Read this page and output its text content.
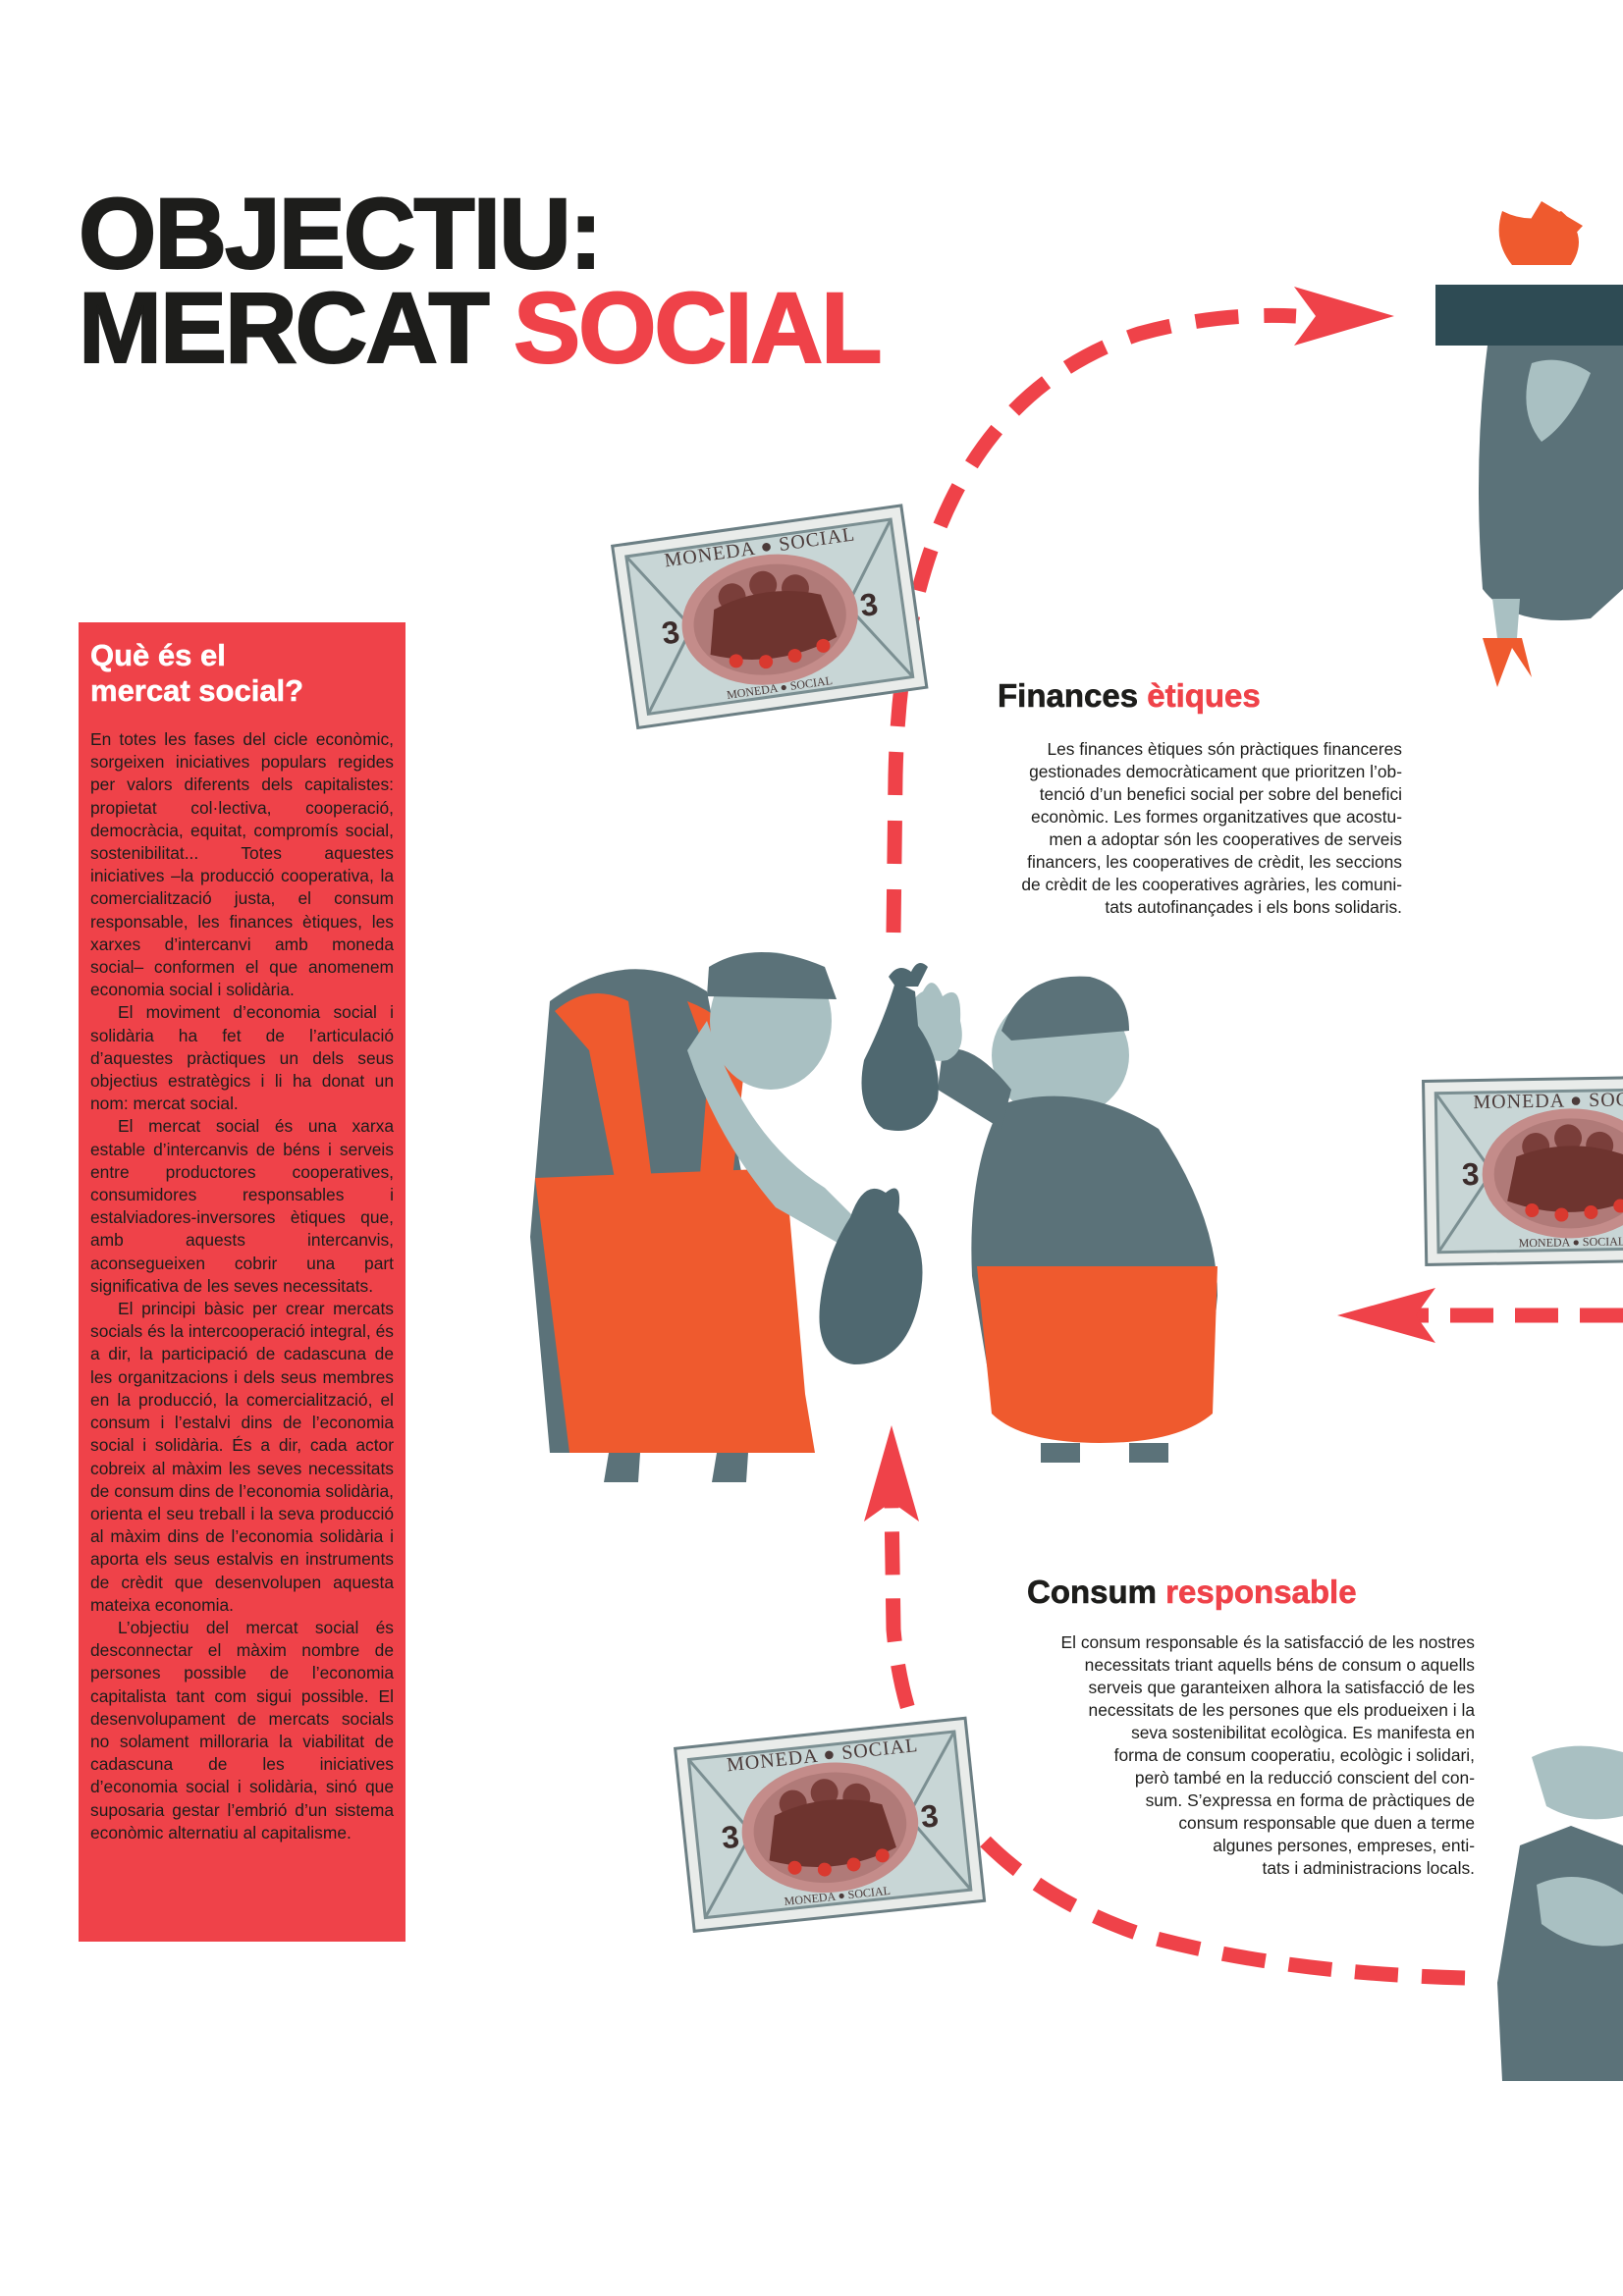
OBJECTIU:
MERCAT SOCIAL
Què és el
mercat social?

En totes les fases del cicle econòmic, sorgeixen iniciatives populars regides per valors diferents dels capitalistes: propietat col·lectiva, cooperació, democràcia, equitat, compromís social, sostenibilitat... Totes aquestes iniciatives –la producció cooperativa, la comercialització justa, el consum responsable, les finances ètiques, les xarxes d’intercanvi amb moneda social– conformen el que anomenem economia social i solidària.

El moviment d’economia social i solidària ha fet de l’articulació d’aquestes pràctiques un dels seus objectius estratègics i li ha donat un nom: mercat social.

El mercat social és una xarxa estable d’intercanvis de béns i serveis entre productores cooperatives, consumidores responsables i estalviadores-inversores ètiques que, amb aquests intercanvis, aconsegueixen cobrir una part significativa de les seves necessitats.

El principi bàsic per crear mercats socials és la intercooperació integral, és a dir, la participació de cadascuna de les organitzacions i dels seus membres en la producció, la comercialització, el consum i l’estalvi dins de l’economia social i solidària. És a dir, cada actor cobreix al màxim les seves necessitats de consum dins de l’economia solidària, orienta el seu treball i la seva producció al màxim dins de l’economia solidària i aporta els seus estalvis en instruments de crèdit que desenvolupen aquesta mateixa economia.

L’objectiu del mercat social és desconnectar el màxim nombre de persones possible de l’economia capitalista tant com sigui possible. El desenvolupament de mercats socials no solament milloraria la viabilitat de cadascuna de les iniciatives d’economia social i solidària, sinó que suposaria gestar l’embrió d’un sistema econòmic alternatiu al capitalisme.

Finances ètiques
Les finances ètiques són pràctiques financeres
gestionades democràticament que prioritzen l’ob-
tenció d’un benefici social per sobre del benefici
econòmic. Les formes organitzatives que acostu-
men a adoptar són les cooperatives de serveis
financers, les cooperatives de crèdit, les seccions
de crèdit de les cooperatives agràries, les comuni-
tats autofinançades i els bons solidaris.
Consum responsable
El consum responsable és la satisfacció de les nostres
necessitats triant aquells béns de consum o aquells
serveis que garanteixen alhora la satisfacció de les
necessitats de les persones que els produeixen i la
seva sostenibilitat ecològica. Es manifesta en
forma de consum cooperatiu, ecològic i solidari,
però també en la reducció conscient del con-
sum. S’expressa en forma de pràctiques de
consum responsable que duen a terme
algunes persones, empreses, enti-
tats i administracions locals.
